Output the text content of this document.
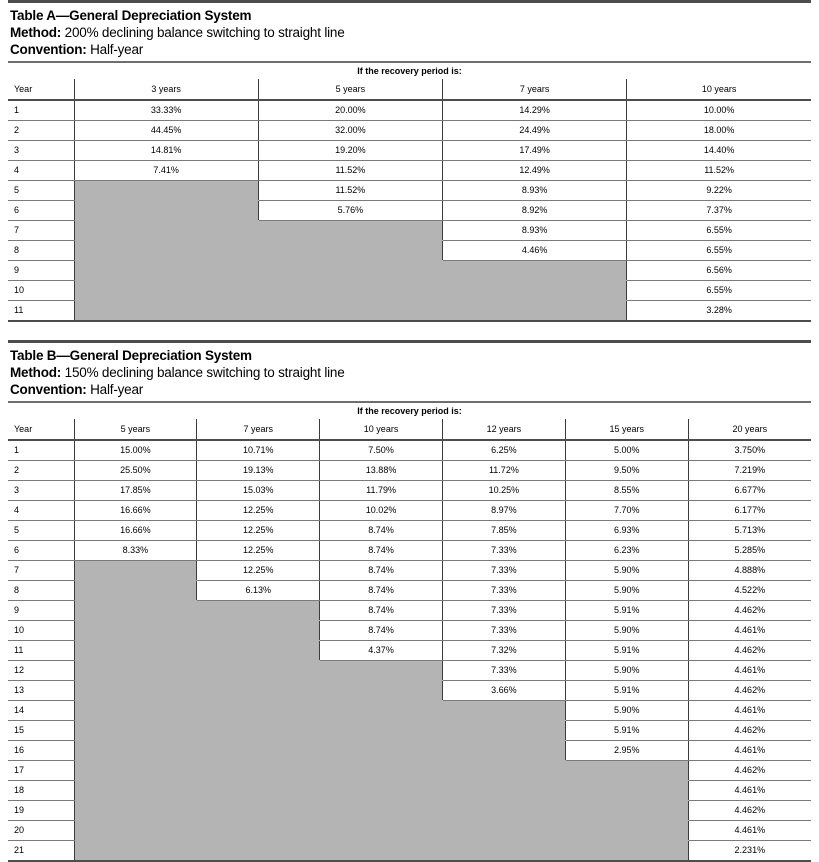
Table A—General Depreciation System
Method: 200% declining balance switching to straight line
Convention: Half-year
If the recovery period is:
Year	3 years	5 years	7 years	10 years
1	33.33%	20.00%	14.29%	10.00%
2	44.45%	32.00%	24.49%	18.00%
3	14.81%	19.20%	17.49%	14.40%
4	7.41%	11.52%	12.49%	11.52%
5		11.52%	8.93%	9.22%
6		5.76%	8.92%	7.37%
7			8.93%	6.55%
8			4.46%	6.55%
9				6.56%
10				6.55%
11				3.28%
Table B—General Depreciation System
Method: 150% declining balance switching to straight line
Convention: Half-year
If the recovery period is:
Year	5 years	7 years	10 years	12 years	15 years	20 years
1	15.00%	10.71%	7.50%	6.25%	5.00%	3.750%
2	25.50%	19.13%	13.88%	11.72%	9.50%	7.219%
3	17.85%	15.03%	11.79%	10.25%	8.55%	6.677%
4	16.66%	12.25%	10.02%	8.97%	7.70%	6.177%
5	16.66%	12.25%	8.74%	7.85%	6.93%	5.713%
6	8.33%	12.25%	8.74%	7.33%	6.23%	5.285%
7		12.25%	8.74%	7.33%	5.90%	4.888%
8		6.13%	8.74%	7.33%	5.90%	4.522%
9			8.74%	7.33%	5.91%	4.462%
10			8.74%	7.33%	5.90%	4.461%
11			4.37%	7.32%	5.91%	4.462%
12				7.33%	5.90%	4.461%
13				3.66%	5.91%	4.462%
14					5.90%	4.461%
15					5.91%	4.462%
16					2.95%	4.461%
17						4.462%
18						4.461%
19						4.462%
20						4.461%
21						2.231%
